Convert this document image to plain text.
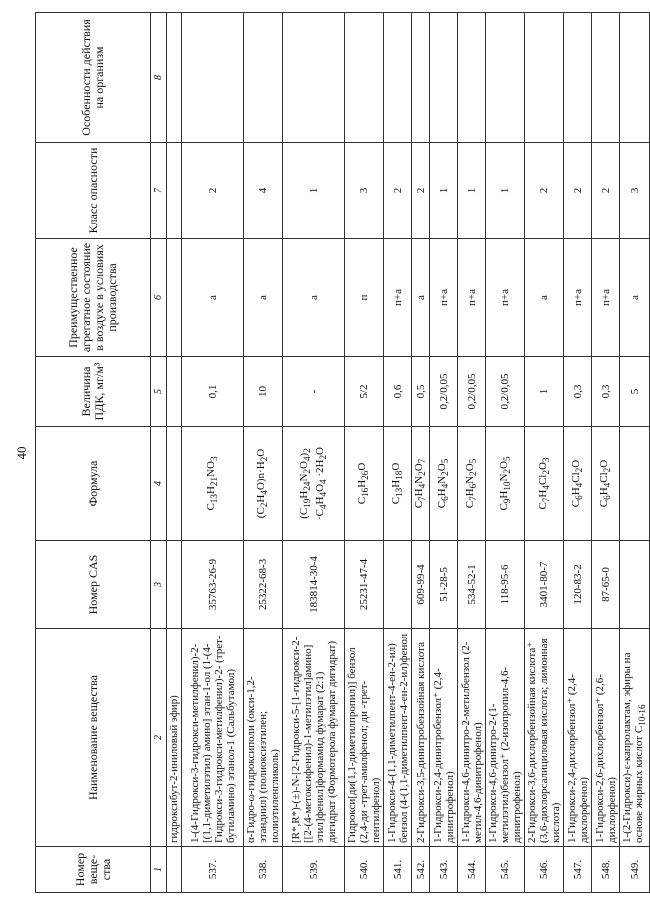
40
Номер веще-ства	Наименование вещества	Номер CAS	Формула	Величина ПДК, мг/м³	Преимущественное агрегатное состояние в воздухе в условиях производства	Класс опасности	Особенности действия на организм
1	2	3	4	5	6	7	8
	гидроксибут-2-иниловый эфир)						
537.	1-(4-Гидрокси-3-гидрокси-метилфенил)-2- [(1,1-диметилэтил) амино] этан-1-ол (1-(4-Гидрокси-3-гидрокси-метилфенил)-2- (трет-бутиламино) этанол-1 (Сальбутамол)	35763-26-9	$C_{13}H_{21}NO_3$	0,1	а	2	
538.	α-Гидро-ω-гидроксиполи (окси-1,2-этандиил) (полиоксиэтилен; полиэтиленгликоль)	25322-68-3	$(C_2H_4O)n\cdot H_2O$	10	а	4	
539.	[R*,R*)-(±)-N-[2-Гидрокси-5-[1-гидрокси-2-[[2-(4-метоксифенил)-1-метилэтил]амино] этил]фенил]формамид фумарат (2:1) дигидрат (Формотерола фумарат дигидрат)	183814-30-4	$(C_{19}H_{24}N_2O_4)_2 \cdot C_4H_4O_4 \cdot 2H_2O$	-	а	1	
540.	Гидрокси[ди(1,1-диметилпропил)] бензол (2,4-ди -трет-амилфенол; ди -трет-пентилфенол)	25231-47-4	$C_{16}H_{26}O$	5/2	п	3	
541.	1-Гидрокси-4-(1,1-диметилпент-4-ен-2-ил) бензол (4-(1,1-диметилпент-4-ен-2-ил)фенол		$C_{13}H_{18}O$	0,6	п+а	2	
542.	2-Гидрокси-3,5-динитробензойная кислота	609-99-4	$C_7H_4N_2O_7$	0,5	а	2	
543.	1-Гидрокси-2,4-динитробензол⁺ (2,4-динитрофенол)	51-28-5	$C_6H_4N_2O_5$	0,2/0,05	п+а	1	
544.	1-Гидрокси-4,6-динитро-2-метилбензол (2-метил-4,6-динитрофенол)	534-52-1	$C_7H_6N_2O_5$	0,2/0,05	п+а	1	
545.	1-Гидрокси-4,6-динитро-2-(1-метилэтил)бензол⁺ (2-изопропил-4,6-динитрофенол)	118-95-6	$C_9H_{10}N_2O_5$	0,2/0,05	п+а	1	
546.	2-Гидрокси-3,6-дихлорбензойная кислота⁺ (3,6-дихлорсалициловая кислота; лимонная кислота)	3401-80-7	$C_7H_4Cl_2O_3$	1	а	2	
547.	1-Гидрокси-2,4-дихлорбензол⁺ (2,4-дихлорфенол)	120-83-2	$C_6H_4Cl_2O$	0,3	п+а	2	
548.	1-Гидрокси-2,6-дихлорбензол⁺ (2,6-дихлорфенол)	87-65-0	$C_6H_4Cl_2O$	0,3	п+а	2	
549.	1-(2-Гидрокси)-ε-капролактам, эфиры на основе жирных кислот $C_{10-16}$			5	а	3	
